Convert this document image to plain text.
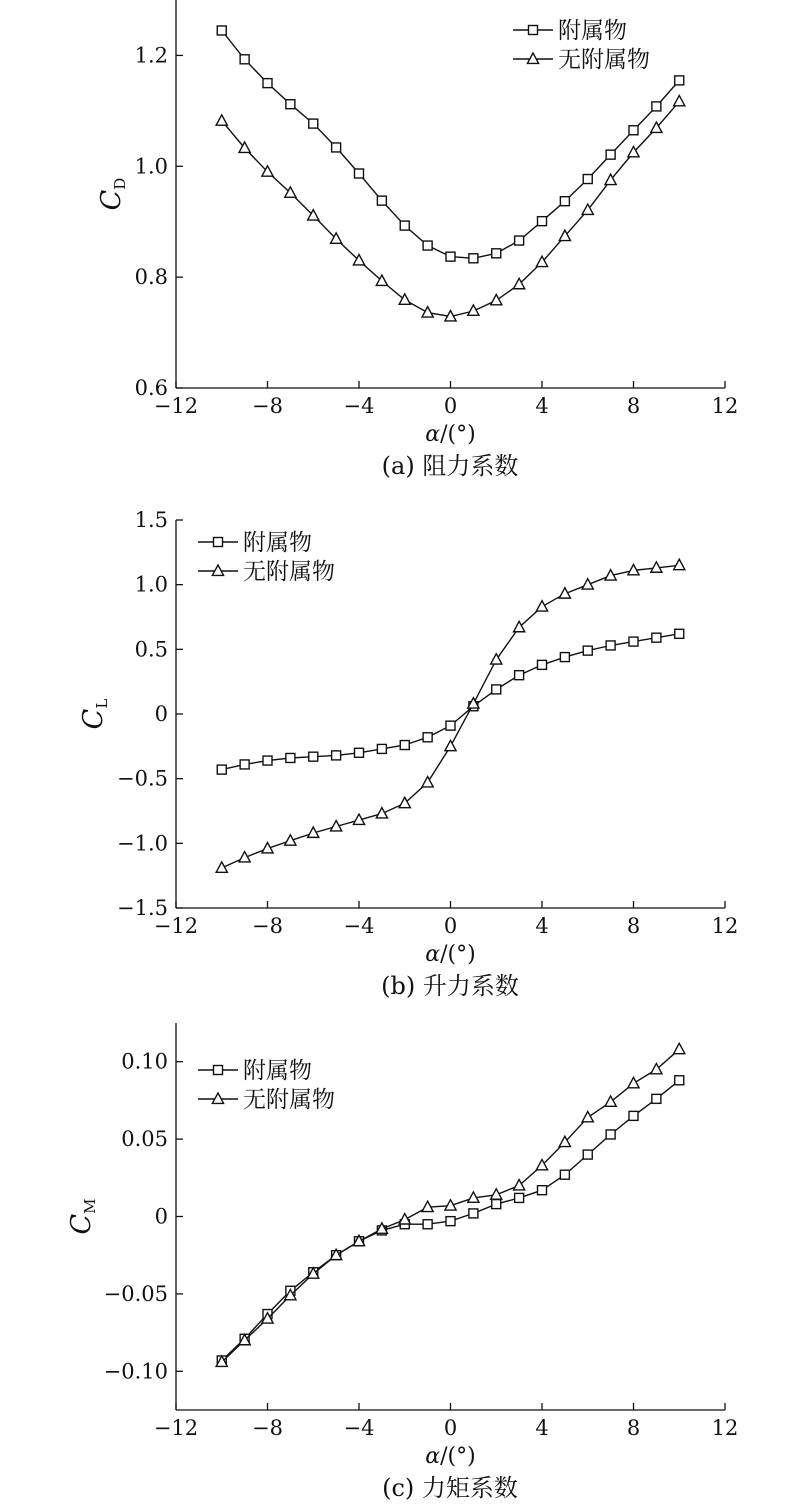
−12	−8	−4	0	4	8	12
0.6
0.8
1.0
1.2
CD
α/(°)
(a) 阻力系数
附属物
无附属物
−12	−8	−4	0	4	8	12
−1.5
−1.0
−0.5
0
0.5
1.0
1.5
CL
α/(°)
(b) 升力系数
附属物
无附属物
−12	−8	−4	0	4	8	12
−0.10
−0.05
0
0.05
0.10
CM
α/(°)
(c) 力矩系数
附属物
无附属物
